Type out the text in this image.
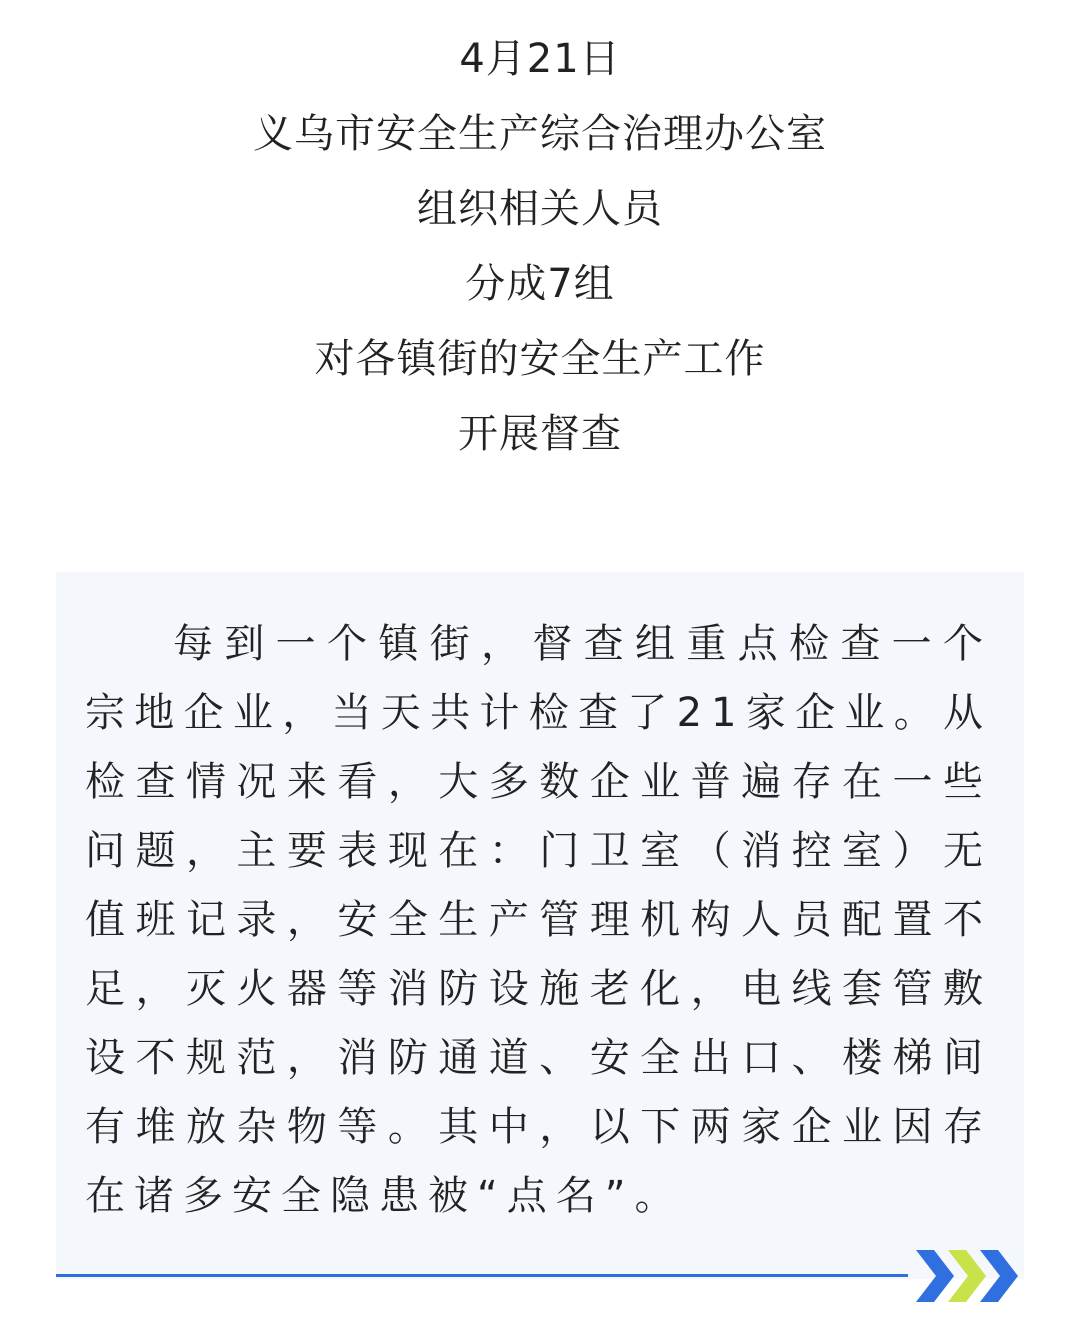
4月21日
义乌市安全生产综合治理办公室
组织相关人员
分成7组
对各镇街的安全生产工作
开展督查

每到一个镇街，督查组重点检查一个宗地企业，当天共计检查了21家企业。从检查情况来看，大多数企业普遍存在一些问题，主要表现在：门卫室（消控室）无值班记录，安全生产管理机构人员配置不足，灭火器等消防设施老化，电线套管敷设不规范，消防通道、安全出口、楼梯间有堆放杂物等。其中，以下两家企业因存在诸多安全隐患被“点名”。
